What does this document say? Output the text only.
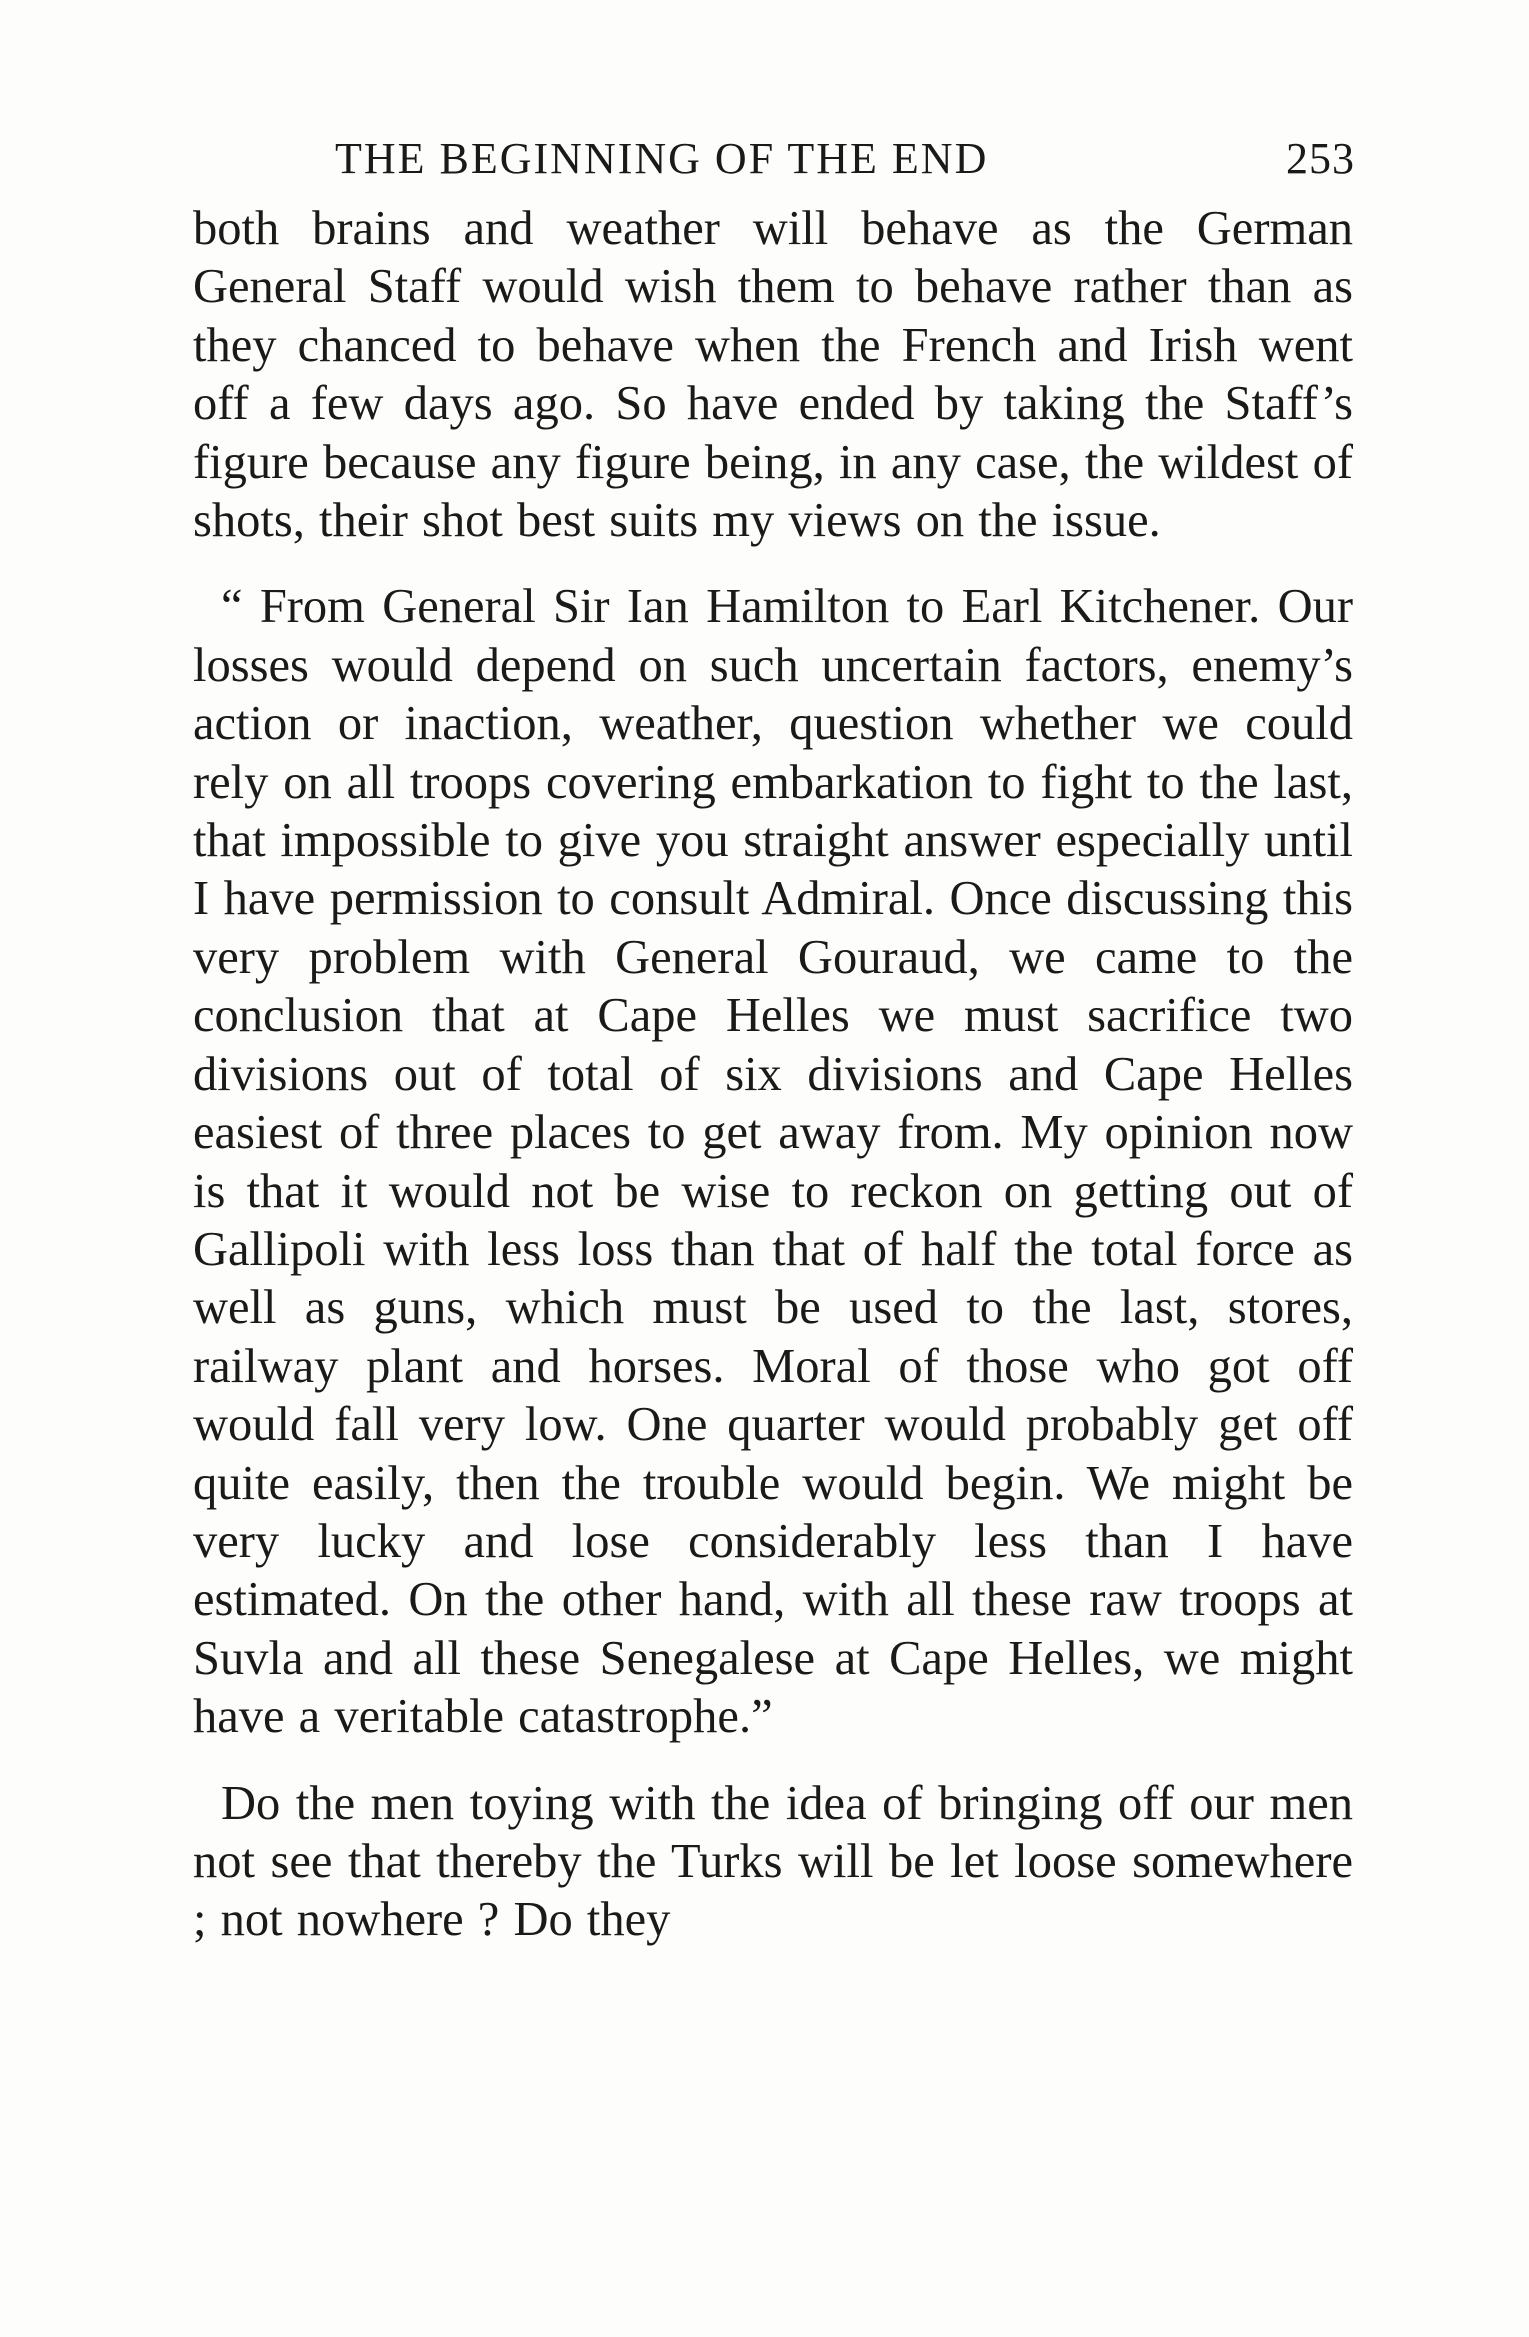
THE BEGINNING OF THE END	253

both brains and weather will behave as the German General Staff would wish them to behave rather than as they chanced to behave when the French and Irish went off a few days ago. So have ended by taking the Staff’s figure because any figure being, in any case, the wildest of shots, their shot best suits my views on the issue.

“ From General Sir Ian Hamilton to Earl Kitchener. Our losses would depend on such uncertain factors, enemy’s action or inaction, weather, question whether we could rely on all troops covering embarkation to fight to the last, that impossible to give you straight answer especially until I have permission to consult Admiral. Once discussing this very problem with General Gouraud, we came to the conclusion that at Cape Helles we must sacrifice two divisions out of total of six divisions and Cape Helles easiest of three places to get away from. My opinion now is that it would not be wise to reckon on getting out of Gallipoli with less loss than that of half the total force as well as guns, which must be used to the last, stores, railway plant and horses. Moral of those who got off would fall very low. One quarter would probably get off quite easily, then the trouble would begin. We might be very lucky and lose considerably less than I have estimated. On the other hand, with all these raw troops at Suvla and all these Senegalese at Cape Helles, we might have a veritable catastrophe.”

Do the men toying with the idea of bringing off our men not see that thereby the Turks will be let loose somewhere ; not nowhere ? Do they
